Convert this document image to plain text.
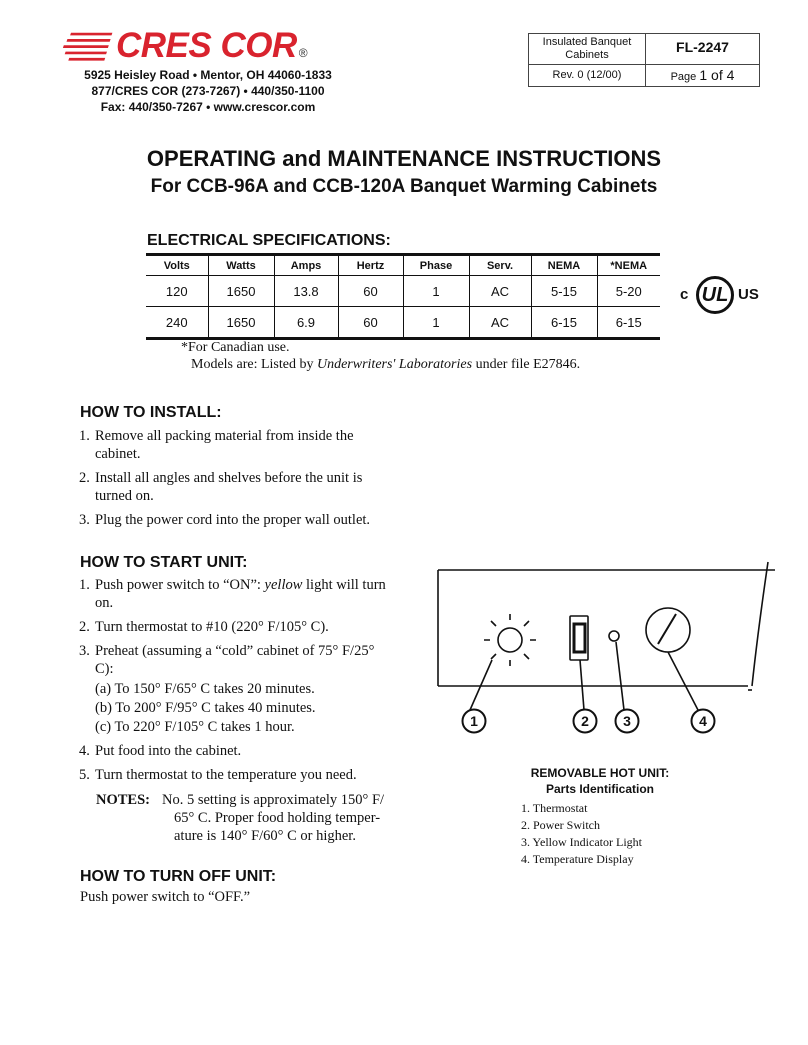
CRES COR ®
5925 Heisley Road • Mentor, OH 44060-1833
877/CRES COR (273-7267) • 440/350-1100
Fax: 440/350-7267 • www.crescor.com
Insulated Banquet Cabinets	FL-2247
Rev. 0 (12/00)	Page 1 of 4
OPERATING and MAINTENANCE INSTRUCTIONS
For CCB-96A and CCB-120A Banquet Warming Cabinets
ELECTRICAL SPECIFICATIONS:
Volts	Watts	Amps	Hertz	Phase	Serv.	NEMA	*NEMA
120	1650	13.8	60	1	AC	5-15	5-20
240	1650	6.9	60	1	AC	6-15	6-15
c UL US
*For Canadian use.
Models are: Listed by Underwriters' Laboratories under file E27846.
HOW TO INSTALL:
1. Remove all packing material from inside the cabinet.
2. Install all angles and shelves before the unit is turned on.
3. Plug the power cord into the proper wall outlet.
HOW TO START UNIT:
1. Push power switch to “ON”: yellow light will turn on.
2. Turn thermostat to #10 (220° F/105° C).
3. Preheat (assuming a “cold” cabinet of 75° F/25° C):
(a) To 150° F/65° C takes 20 minutes.
(b) To 200° F/95° C takes 40 minutes.
(c) To 220° F/105° C takes 1 hour.
4. Put food into the cabinet.
5. Turn thermostat to the temperature you need.
NOTES: No. 5 setting is approximately 150° F/
65° C. Proper food holding temper-
ature is 140° F/60° C or higher.
HOW TO TURN OFF UNIT:
Push power switch to “OFF.”
1	2 3	4
REMOVABLE HOT UNIT:
Parts Identification
1. Thermostat
2. Power Switch
3. Yellow Indicator Light
4. Temperature Display
